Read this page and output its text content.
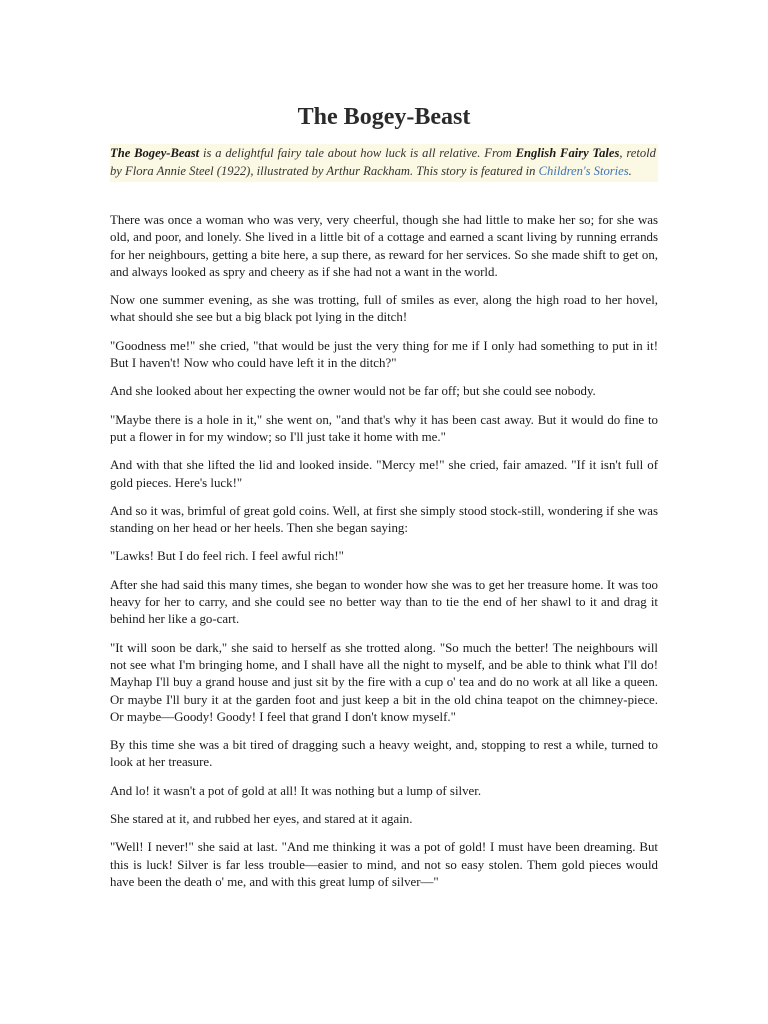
The Bogey-Beast
The Bogey-Beast is a delightful fairy tale about how luck is all relative. From English Fairy Tales, retold by Flora Annie Steel (1922), illustrated by Arthur Rackham. This story is featured in Children's Stories.

There was once a woman who was very, very cheerful, though she had little to make her so; for she was old, and poor, and lonely. She lived in a little bit of a cottage and earned a scant living by running errands for her neighbours, getting a bite here, a sup there, as reward for her services. So she made shift to get on, and always looked as spry and cheery as if she had not a want in the world.

Now one summer evening, as she was trotting, full of smiles as ever, along the high road to her hovel, what should she see but a big black pot lying in the ditch!

"Goodness me!" she cried, "that would be just the very thing for me if I only had something to put in it! But I haven't! Now who could have left it in the ditch?"

And she looked about her expecting the owner would not be far off; but she could see nobody.

"Maybe there is a hole in it," she went on, "and that's why it has been cast away. But it would do fine to put a flower in for my window; so I'll just take it home with me."

And with that she lifted the lid and looked inside. "Mercy me!" she cried, fair amazed. "If it isn't full of gold pieces. Here's luck!"

And so it was, brimful of great gold coins. Well, at first she simply stood stock-still, wondering if she was standing on her head or her heels. Then she began saying:

"Lawks! But I do feel rich. I feel awful rich!"

After she had said this many times, she began to wonder how she was to get her treasure home. It was too heavy for her to carry, and she could see no better way than to tie the end of her shawl to it and drag it behind her like a go-cart.

"It will soon be dark," she said to herself as she trotted along. "So much the better! The neighbours will not see what I'm bringing home, and I shall have all the night to myself, and be able to think what I'll do! Mayhap I'll buy a grand house and just sit by the fire with a cup o' tea and do no work at all like a queen. Or maybe I'll bury it at the garden foot and just keep a bit in the old china teapot on the chimney-piece. Or maybe—Goody! Goody! I feel that grand I don't know myself."

By this time she was a bit tired of dragging such a heavy weight, and, stopping to rest a while, turned to look at her treasure.

And lo! it wasn't a pot of gold at all! It was nothing but a lump of silver.

She stared at it, and rubbed her eyes, and stared at it again.

"Well! I never!" she said at last. "And me thinking it was a pot of gold! I must have been dreaming. But this is luck! Silver is far less trouble—easier to mind, and not so easy stolen. Them gold pieces would have been the death o' me, and with this great lump of silver—"
